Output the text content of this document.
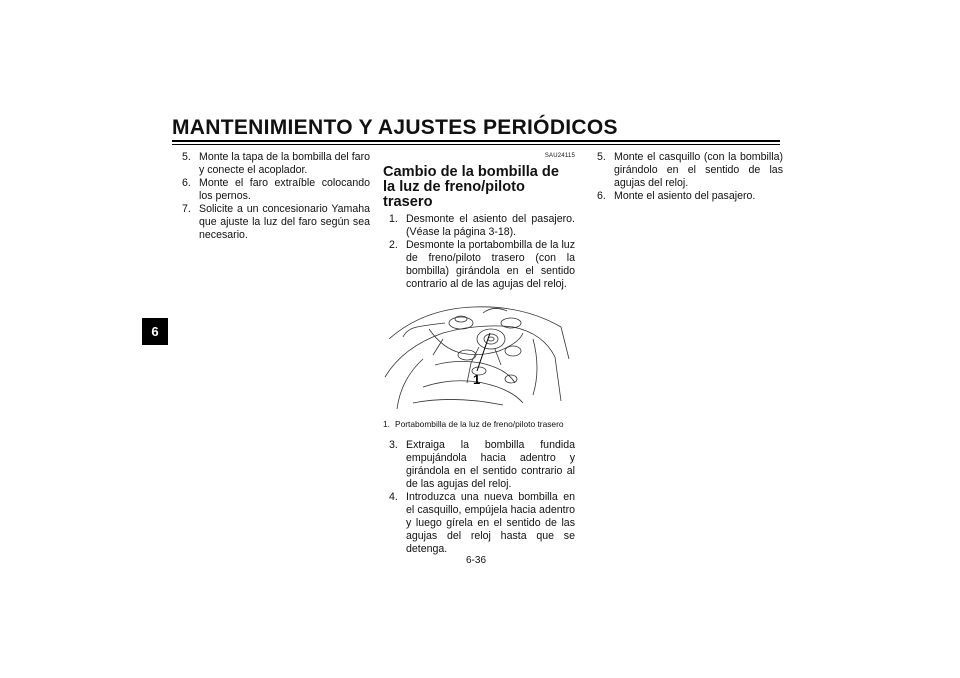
MANTENIMIENTO Y AJUSTES PERIÓDICOS
6
5. Monte la tapa de la bombilla del faro y conecte el acoplador.
6. Monte el faro extraíble colocando los pernos.
7. Solicite a un concesionario Yamaha que ajuste la luz del faro según sea necesario.
SAU24115
Cambio de la bombilla de la luz de freno/piloto trasero
1. Desmonte el asiento del pasajero. (Véase la página 3-18).
2. Desmonte la portabombilla de la luz de freno/piloto trasero (con la bombilla) girándola en el sentido contrario al de las agujas del reloj.
1
1. Portabombilla de la luz de freno/piloto trasero
3. Extraiga la bombilla fundida empujándola hacia adentro y girándola en el sentido contrario al de las agujas del reloj.
4. Introduzca una nueva bombilla en el casquillo, empújela hacia adentro y luego gírela en el sentido de las agujas del reloj hasta que se detenga.
5. Monte el casquillo (con la bombilla) girándolo en el sentido de las agujas del reloj.
6. Monte el asiento del pasajero.
6-36
